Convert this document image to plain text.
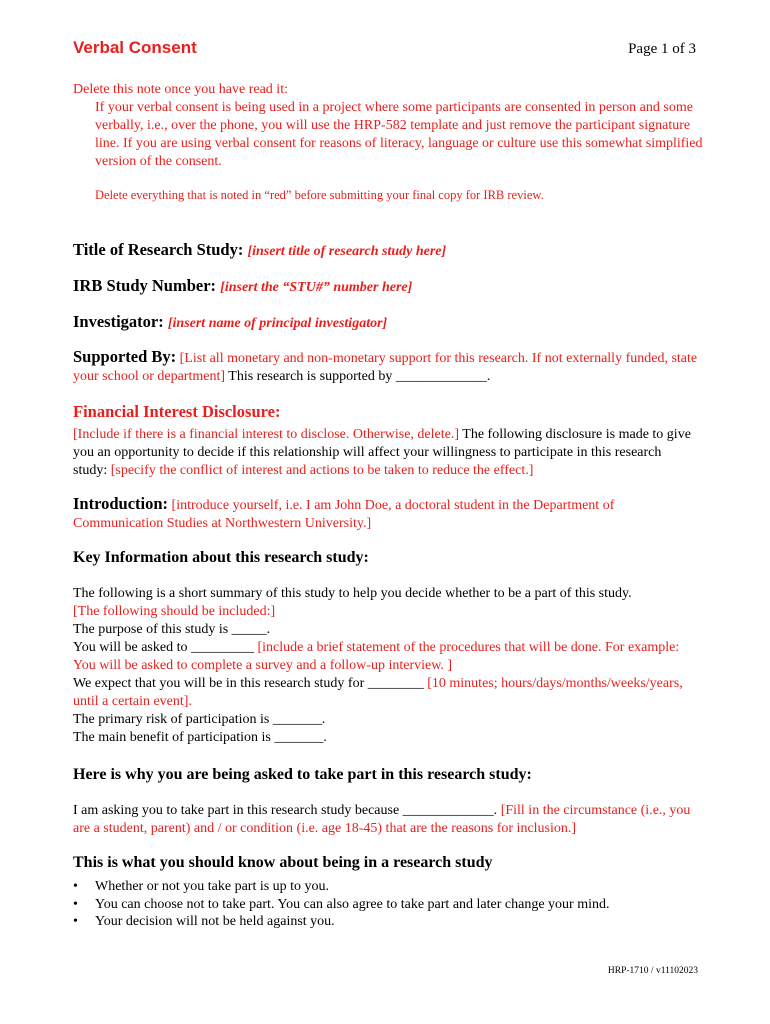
Verbal Consent	Page 1 of 3
Delete this note once you have read it:
If your verbal consent is being used in a project where some participants are consented in person and some verbally, i.e., over the phone, you will use the HRP-582 template and just remove the participant signature line. If you are using verbal consent for reasons of literacy, language or culture use this somewhat simplified version of the consent.
Delete everything that is noted in “red” before submitting your final copy for IRB review.
Title of Research Study: [insert title of research study here]
IRB Study Number: [insert the “STU#” number here]
Investigator: [insert name of principal investigator]
Supported By: [List all monetary and non-monetary support for this research. If not externally funded, state your school or department] This research is supported by _____________.
Financial Interest Disclosure:
[Include if there is a financial interest to disclose. Otherwise, delete.] The following disclosure is made to give you an opportunity to decide if this relationship will affect your willingness to participate in this research study: [specify the conflict of interest and actions to be taken to reduce the effect.]
Introduction: [introduce yourself, i.e. I am John Doe, a doctoral student in the Department of Communication Studies at Northwestern University.]
Key Information about this research study:
The following is a short summary of this study to help you decide whether to be a part of this study.
[The following should be included:]
The purpose of this study is _____.
You will be asked to _________ [include a brief statement of the procedures that will be done. For example: You will be asked to complete a survey and a follow-up interview. ]
We expect that you will be in this research study for ________ [10 minutes; hours/days/months/weeks/years, until a certain event].
The primary risk of participation is _______.
The main benefit of participation is _______.
Here is why you are being asked to take part in this research study:
I am asking you to take part in this research study because _____________. [Fill in the circumstance (i.e., you are a student, parent) and / or condition (i.e. age 18-45) that are the reasons for inclusion.]
This is what you should know about being in a research study
• Whether or not you take part is up to you.
• You can choose not to take part. You can also agree to take part and later change your mind.
• Your decision will not be held against you.
HRP-1710 / v11102023
